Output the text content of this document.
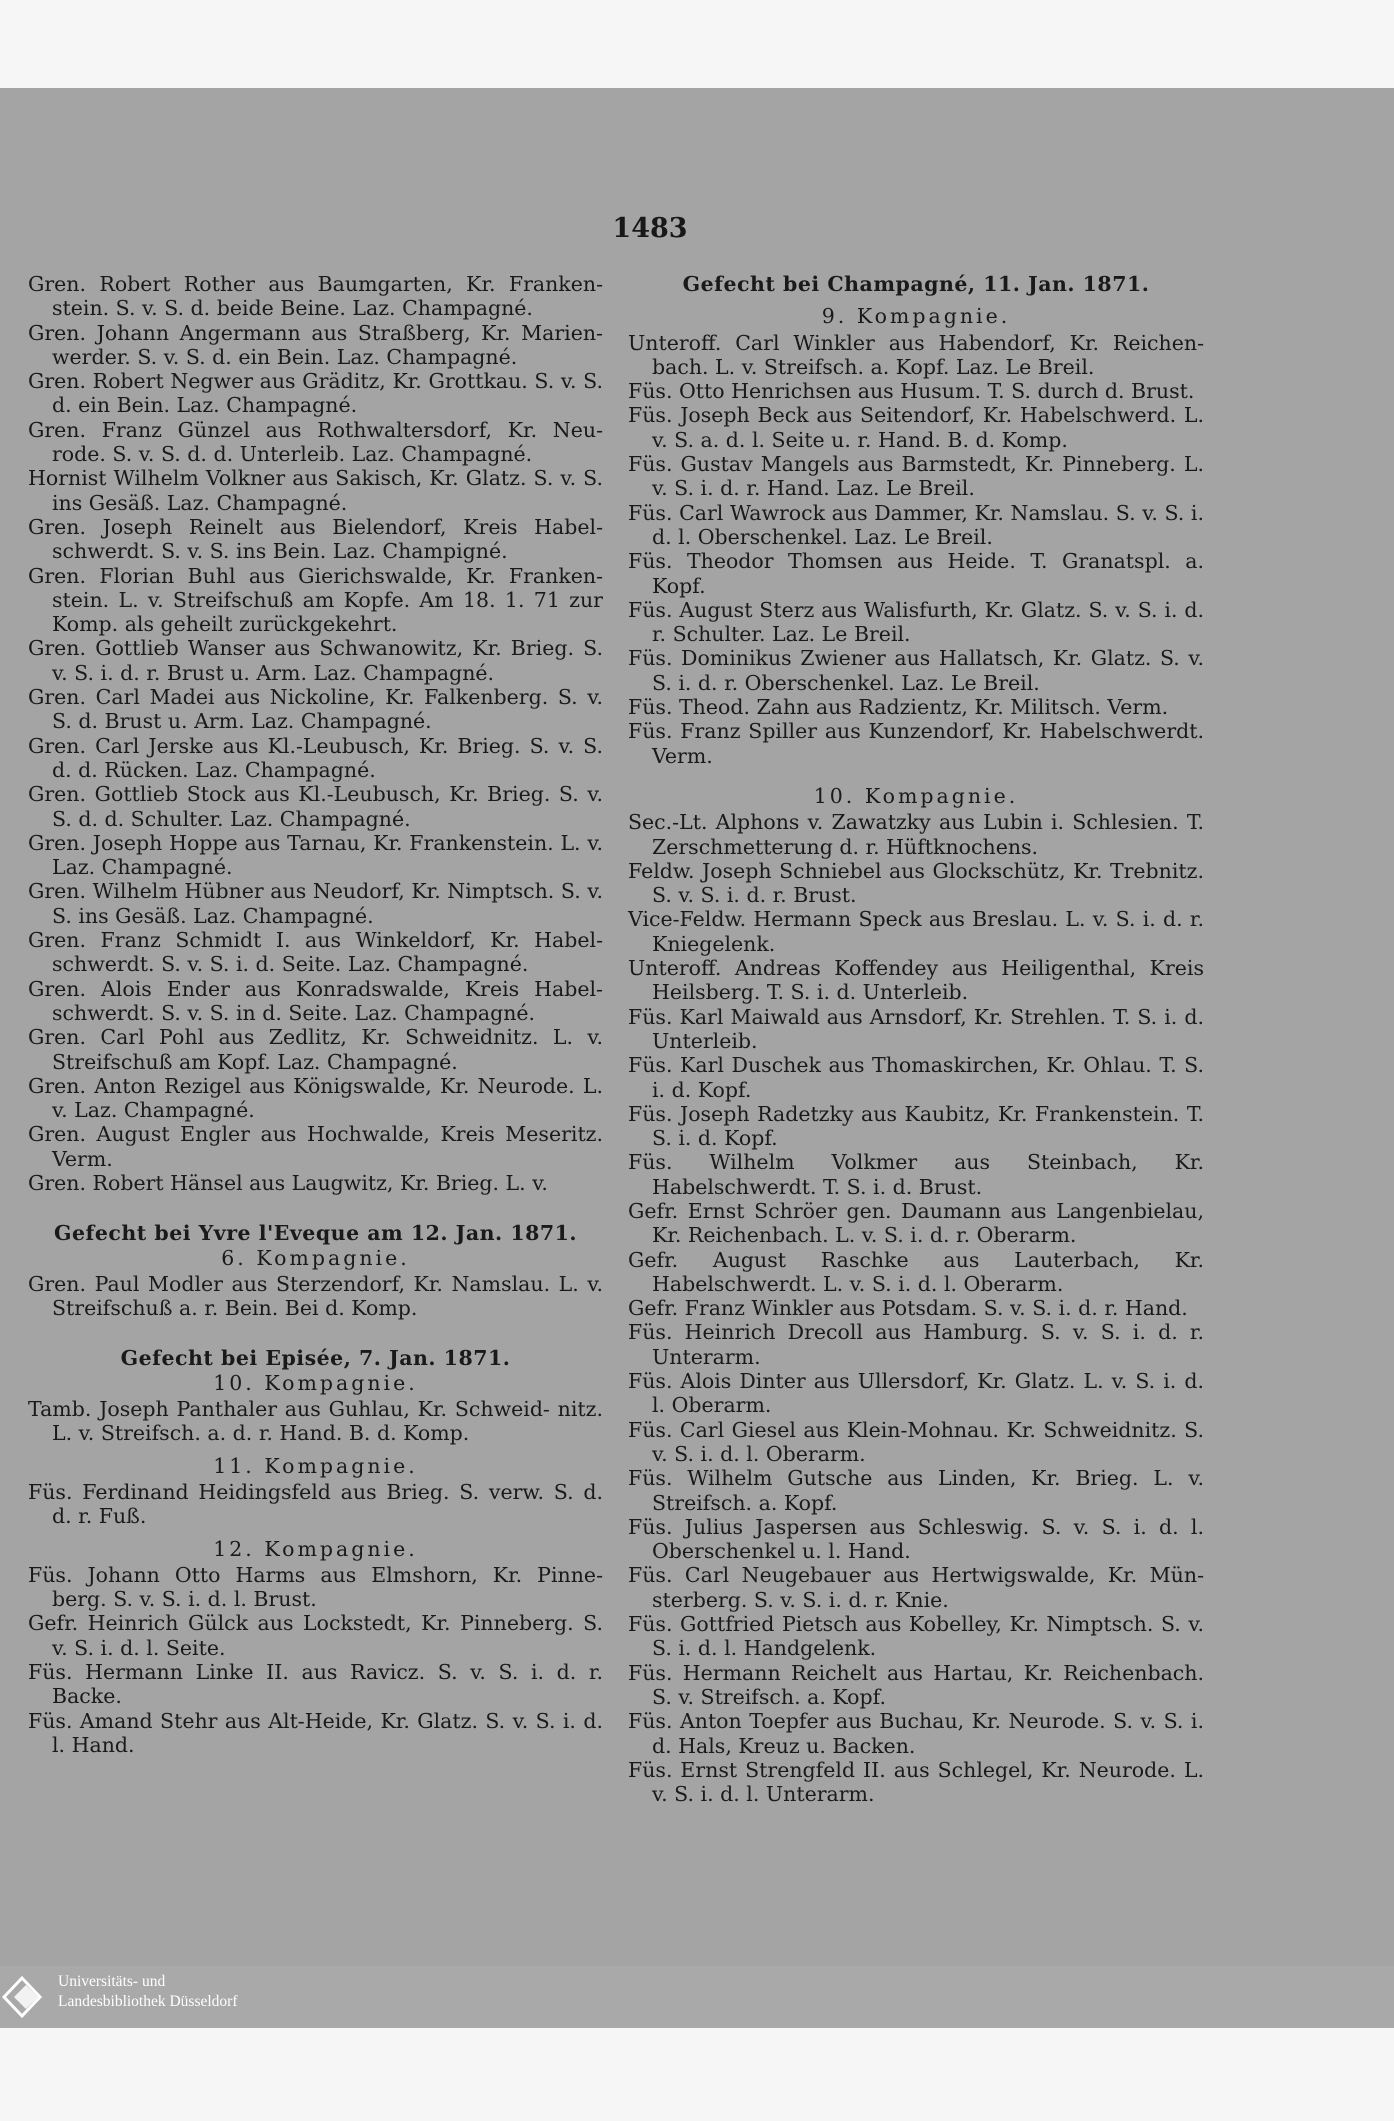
1483

Gren. Robert Rother aus Baumgarten, Kr. Franken- stein. S. v. S. d. beide Beine. Laz. Champagné.

Gren. Johann Angermann aus Straßberg, Kr. Marien- werder. S. v. S. d. ein Bein. Laz. Champagné.

Gren. Robert Negwer aus Gräditz, Kr. Grottkau. S. v. S. d. ein Bein. Laz. Champagné.

Gren. Franz Günzel aus Rothwaltersdorf, Kr. Neu- rode. S. v. S. d. d. Unterleib. Laz. Champagné.

Hornist Wilhelm Volkner aus Sakisch, Kr. Glatz. S. v. S. ins Gesäß. Laz. Champagné.

Gren. Joseph Reinelt aus Bielendorf, Kreis Habel- schwerdt. S. v. S. ins Bein. Laz. Champigné.

Gren. Florian Buhl aus Gierichswalde, Kr. Franken- stein. L. v. Streifschuß am Kopfe. Am 18. 1. 71 zur Komp. als geheilt zurückgekehrt.

Gren. Gottlieb Wanser aus Schwanowitz, Kr. Brieg. S. v. S. i. d. r. Brust u. Arm. Laz. Champagné.

Gren. Carl Madei aus Nickoline, Kr. Falkenberg. S. v. S. d. Brust u. Arm. Laz. Champagné.

Gren. Carl Jerske aus Kl.-Leubusch, Kr. Brieg. S. v. S. d. d. Rücken. Laz. Champagné.

Gren. Gottlieb Stock aus Kl.-Leubusch, Kr. Brieg. S. v. S. d. d. Schulter. Laz. Champagné.

Gren. Joseph Hoppe aus Tarnau, Kr. Frankenstein. L. v. Laz. Champagné.

Gren. Wilhelm Hübner aus Neudorf, Kr. Nimptsch. S. v. S. ins Gesäß. Laz. Champagné.

Gren. Franz Schmidt I. aus Winkeldorf, Kr. Habel- schwerdt. S. v. S. i. d. Seite. Laz. Champagné.

Gren. Alois Ender aus Konradswalde, Kreis Habel- schwerdt. S. v. S. in d. Seite. Laz. Champagné.

Gren. Carl Pohl aus Zedlitz, Kr. Schweidnitz. L. v. Streifschuß am Kopf. Laz. Champagné.

Gren. Anton Rezigel aus Königswalde, Kr. Neurode. L. v. Laz. Champagné.

Gren. August Engler aus Hochwalde, Kreis Meseritz. Verm.

Gren. Robert Hänsel aus Laugwitz, Kr. Brieg. L. v.

Gefecht bei Yvre l'Eveque am 12. Jan. 1871.

6. Kompagnie.

Gren. Paul Modler aus Sterzendorf, Kr. Namslau. L. v. Streifschuß a. r. Bein. Bei d. Komp.

Gefecht bei Episée, 7. Jan. 1871.

10. Kompagnie.

Tamb. Joseph Panthaler aus Guhlau, Kr. Schweid- nitz. L. v. Streifsch. a. d. r. Hand. B. d. Komp.

11. Kompagnie.

Füs. Ferdinand Heidingsfeld aus Brieg. S. verw. S. d. d. r. Fuß.

12. Kompagnie.

Füs. Johann Otto Harms aus Elmshorn, Kr. Pinne- berg. S. v. S. i. d. l. Brust.

Gefr. Heinrich Gülck aus Lockstedt, Kr. Pinneberg. S. v. S. i. d. l. Seite.

Füs. Hermann Linke II. aus Ravicz. S. v. S. i. d. r. Backe.

Füs. Amand Stehr aus Alt-Heide, Kr. Glatz. S. v. S. i. d. l. Hand.

Gefecht bei Champagné, 11. Jan. 1871.

9. Kompagnie.

Unteroff. Carl Winkler aus Habendorf, Kr. Reichen- bach. L. v. Streifsch. a. Kopf. Laz. Le Breil.

Füs. Otto Henrichsen aus Husum. T. S. durch d. Brust.

Füs. Joseph Beck aus Seitendorf, Kr. Habelschwerd. L. v. S. a. d. l. Seite u. r. Hand. B. d. Komp.

Füs. Gustav Mangels aus Barmstedt, Kr. Pinneberg. L. v. S. i. d. r. Hand. Laz. Le Breil.

Füs. Carl Wawrock aus Dammer, Kr. Namslau. S. v. S. i. d. l. Oberschenkel. Laz. Le Breil.

Füs. Theodor Thomsen aus Heide. T. Granatspl. a. Kopf.

Füs. August Sterz aus Walisfurth, Kr. Glatz. S. v. S. i. d. r. Schulter. Laz. Le Breil.

Füs. Dominikus Zwiener aus Hallatsch, Kr. Glatz. S. v. S. i. d. r. Oberschenkel. Laz. Le Breil.

Füs. Theod. Zahn aus Radzientz, Kr. Militsch. Verm.

Füs. Franz Spiller aus Kunzendorf, Kr. Habelschwerdt. Verm.

10. Kompagnie.

Sec.-Lt. Alphons v. Zawatzky aus Lubin i. Schlesien. T. Zerschmetterung d. r. Hüftknochens.

Feldw. Joseph Schniebel aus Glockschütz, Kr. Trebnitz. S. v. S. i. d. r. Brust.

Vice-Feldw. Hermann Speck aus Breslau. L. v. S. i. d. r. Kniegelenk.

Unteroff. Andreas Koffendey aus Heiligenthal, Kreis Heilsberg. T. S. i. d. Unterleib.

Füs. Karl Maiwald aus Arnsdorf, Kr. Strehlen. T. S. i. d. Unterleib.

Füs. Karl Duschek aus Thomaskirchen, Kr. Ohlau. T. S. i. d. Kopf.

Füs. Joseph Radetzky aus Kaubitz, Kr. Frankenstein. T. S. i. d. Kopf.

Füs. Wilhelm Volkmer aus Steinbach, Kr. Habelschwerdt. T. S. i. d. Brust.

Gefr. Ernst Schröer gen. Daumann aus Langenbielau, Kr. Reichenbach. L. v. S. i. d. r. Oberarm.

Gefr. August Raschke aus Lauterbach, Kr. Habelschwerdt. L. v. S. i. d. l. Oberarm.

Gefr. Franz Winkler aus Potsdam. S. v. S. i. d. r. Hand.

Füs. Heinrich Drecoll aus Hamburg. S. v. S. i. d. r. Unterarm.

Füs. Alois Dinter aus Ullersdorf, Kr. Glatz. L. v. S. i. d. l. Oberarm.

Füs. Carl Giesel aus Klein-Mohnau. Kr. Schweidnitz. S. v. S. i. d. l. Oberarm.

Füs. Wilhelm Gutsche aus Linden, Kr. Brieg. L. v. Streifsch. a. Kopf.

Füs. Julius Jaspersen aus Schleswig. S. v. S. i. d. l. Oberschenkel u. l. Hand.

Füs. Carl Neugebauer aus Hertwigswalde, Kr. Mün- sterberg. S. v. S. i. d. r. Knie.

Füs. Gottfried Pietsch aus Kobelley, Kr. Nimptsch. S. v. S. i. d. l. Handgelenk.

Füs. Hermann Reichelt aus Hartau, Kr. Reichenbach. S. v. Streifsch. a. Kopf.

Füs. Anton Toepfer aus Buchau, Kr. Neurode. S. v. S. i. d. Hals, Kreuz u. Backen.

Füs. Ernst Strengfeld II. aus Schlegel, Kr. Neurode. L. v. S. i. d. l. Unterarm.

Universitäts- und
Landesbibliothek Düsseldorf
